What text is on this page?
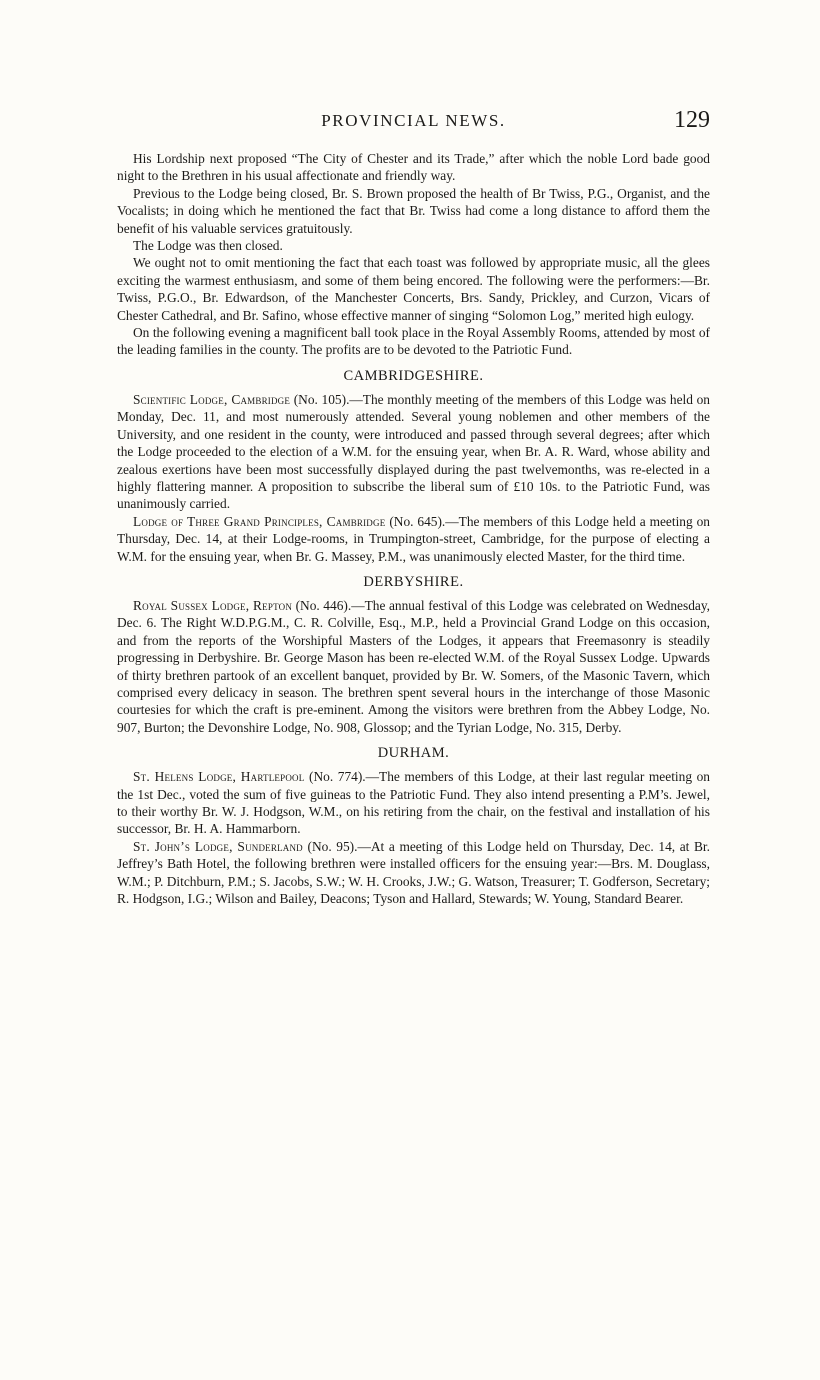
PROVINCIAL NEWS.	129

His Lordship next proposed “The City of Chester and its Trade,” after which the noble Lord bade good night to the Brethren in his usual affectionate and friendly way.

Previous to the Lodge being closed, Br. S. Brown proposed the health of Br Twiss, P.G., Organist, and the Vocalists; in doing which he mentioned the fact that Br. Twiss had come a long distance to afford them the benefit of his valuable services gratuitously.

The Lodge was then closed.

We ought not to omit mentioning the fact that each toast was followed by appropriate music, all the glees exciting the warmest enthusiasm, and some of them being encored. The following were the performers:—Br. Twiss, P.G.O., Br. Edwardson, of the Manchester Concerts, Brs. Sandy, Prickley, and Curzon, Vicars of Chester Cathedral, and Br. Safino, whose effective manner of singing “Solomon Log,” merited high eulogy.

On the following evening a magnificent ball took place in the Royal Assembly Rooms, attended by most of the leading families in the county. The profits are to be devoted to the Patriotic Fund.

CAMBRIDGESHIRE.

Scientific Lodge, Cambridge (No. 105).—The monthly meeting of the members of this Lodge was held on Monday, Dec. 11, and most numerously attended. Several young noblemen and other members of the University, and one resident in the county, were introduced and passed through several degrees; after which the Lodge proceeded to the election of a W.M. for the ensuing year, when Br. A. R. Ward, whose ability and zealous exertions have been most successfully displayed during the past twelvemonths, was re-elected in a highly flattering manner. A proposition to subscribe the liberal sum of £10 10s. to the Patriotic Fund, was unanimously carried.

Lodge of Three Grand Principles, Cambridge (No. 645).—The members of this Lodge held a meeting on Thursday, Dec. 14, at their Lodge-rooms, in Trumpington-street, Cambridge, for the purpose of electing a W.M. for the ensuing year, when Br. G. Massey, P.M., was unanimously elected Master, for the third time.

DERBYSHIRE.

Royal Sussex Lodge, Repton (No. 446).—The annual festival of this Lodge was celebrated on Wednesday, Dec. 6. The Right W.D.P.G.M., C. R. Colville, Esq., M.P., held a Provincial Grand Lodge on this occasion, and from the reports of the Worshipful Masters of the Lodges, it appears that Freemasonry is steadily progressing in Derbyshire. Br. George Mason has been re-elected W.M. of the Royal Sussex Lodge. Upwards of thirty brethren partook of an excellent banquet, provided by Br. W. Somers, of the Masonic Tavern, which comprised every delicacy in season. The brethren spent several hours in the interchange of those Masonic courtesies for which the craft is pre-eminent. Among the visitors were brethren from the Abbey Lodge, No. 907, Burton; the Devonshire Lodge, No. 908, Glossop; and the Tyrian Lodge, No. 315, Derby.

DURHAM.

St. Helens Lodge, Hartlepool (No. 774).—The members of this Lodge, at their last regular meeting on the 1st Dec., voted the sum of five guineas to the Patriotic Fund. They also intend presenting a P.M’s. Jewel, to their worthy Br. W. J. Hodgson, W.M., on his retiring from the chair, on the festival and installation of his successor, Br. H. A. Hammarborn.

St. John’s Lodge, Sunderland (No. 95).—At a meeting of this Lodge held on Thursday, Dec. 14, at Br. Jeffrey’s Bath Hotel, the following brethren were installed officers for the ensuing year:—Brs. M. Douglass, W.M.; P. Ditchburn, P.M.; S. Jacobs, S.W.; W. H. Crooks, J.W.; G. Watson, Treasurer; T. Godferson, Secretary; R. Hodgson, I.G.; Wilson and Bailey, Deacons; Tyson and Hallard, Stewards; W. Young, Standard Bearer.
